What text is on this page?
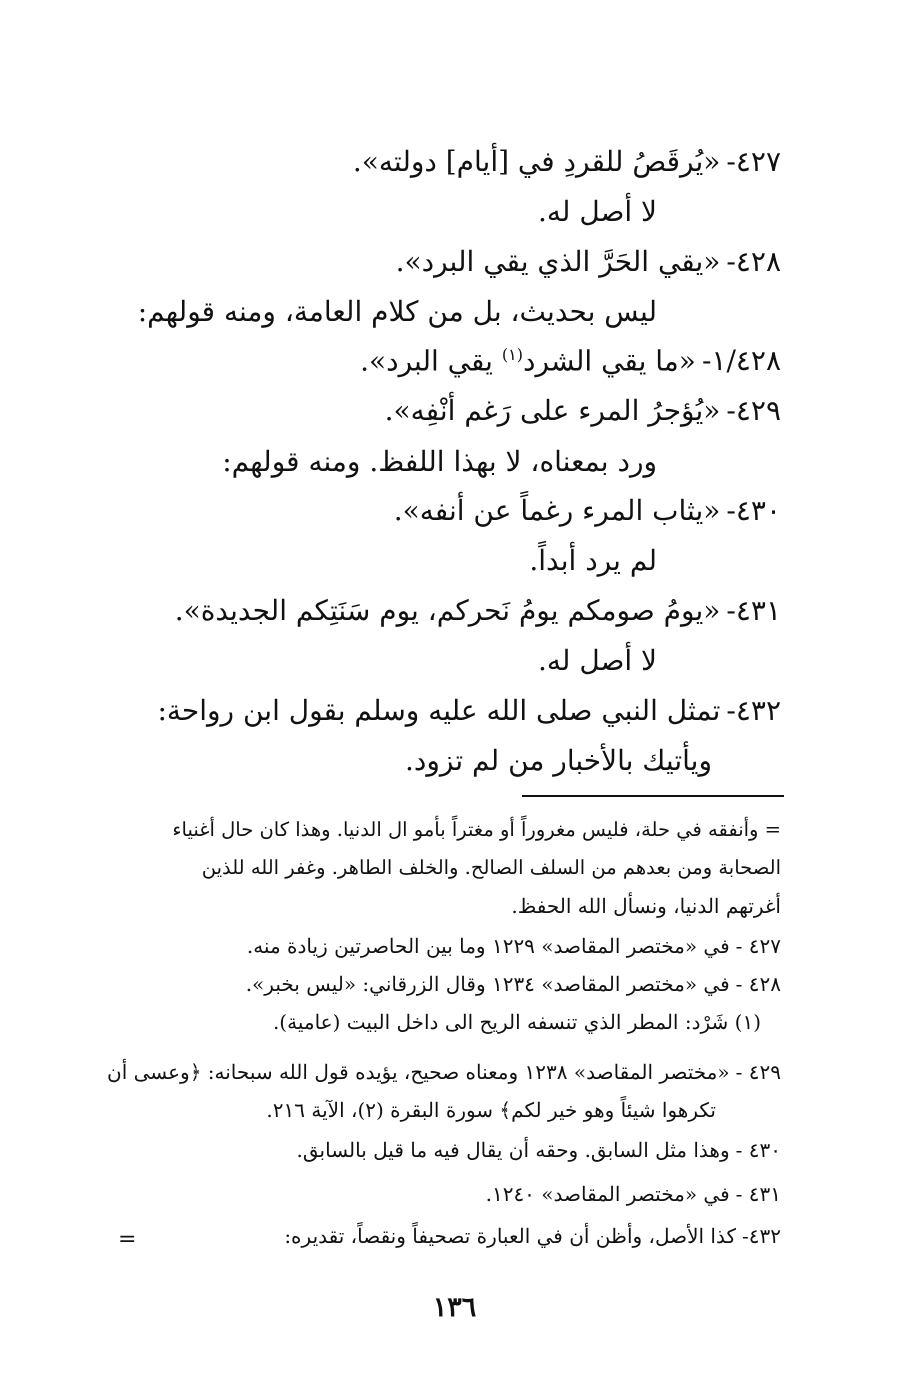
٤٢٧-«يُرقَصُ للقردِ في [أيام] دولته».
لا أصل له.
٤٢٨-«يقي الحَرَّ الذي يقي البرد».
ليس بحديث، بل من كلام العامة، ومنه قولهم:
١/٤٢٨-«ما يقي الشرد$^{(١)}$ يقي البرد».
٤٢٩-«يُؤجرُ المرء على رَغم أنْفِه».
ورد بمعناه، لا بهذا اللفظ. ومنه قولهم:
٤٣٠-«يثاب المرء رغماً عن أنفه».
لم يرد أبداً.
٤٣١-«يومُ صومكم يومُ نَحركم، يوم سَنَتِكم الجديدة».
لا أصل له.
٤٣٢-تمثل النبي صلى الله عليه وسلم بقول ابن رواحة:
ويأتيك بالأخبار من لم تزود.
= وأنفقه في حلة، فليس مغروراً أو مغتراً بأمو ال الدنيا. وهذا كان حال أغنياء
الصحابة ومن بعدهم من السلف الصالح. والخلف الطاهر. وغفر الله للذين
أغرتهم الدنيا، ونسأل الله الحفظ.
٤٢٧ -في «مختصر المقاصد» ١٢٢٩ وما بين الحاصرتين زيادة منه.
٤٢٨ -في «مختصر المقاصد» ١٢٣٤ وقال الزرقاني: «ليس بخبر».
(١) شَرْد: المطر الذي تنسفه الريح الى داخل البيت (عامية).
٤٢٩ -«مختصر المقاصد» ١٢٣٨ ومعناه صحيح، يؤيده قول الله سبحانه: ﴿وعسى أن
تكرهوا شيئاً وهو خير لكم﴾ سورة البقرة (٢)، الآية ٢١٦.
٤٣٠ -وهذا مثل السابق. وحقه أن يقال فيه ما قيل بالسابق.
٤٣١ -في «مختصر المقاصد» ١٢٤٠.
٤٣٢-كذا الأصل، وأظن أن في العبارة تصحيفاً ونقصاً، تقديره:
=
١٣٦
